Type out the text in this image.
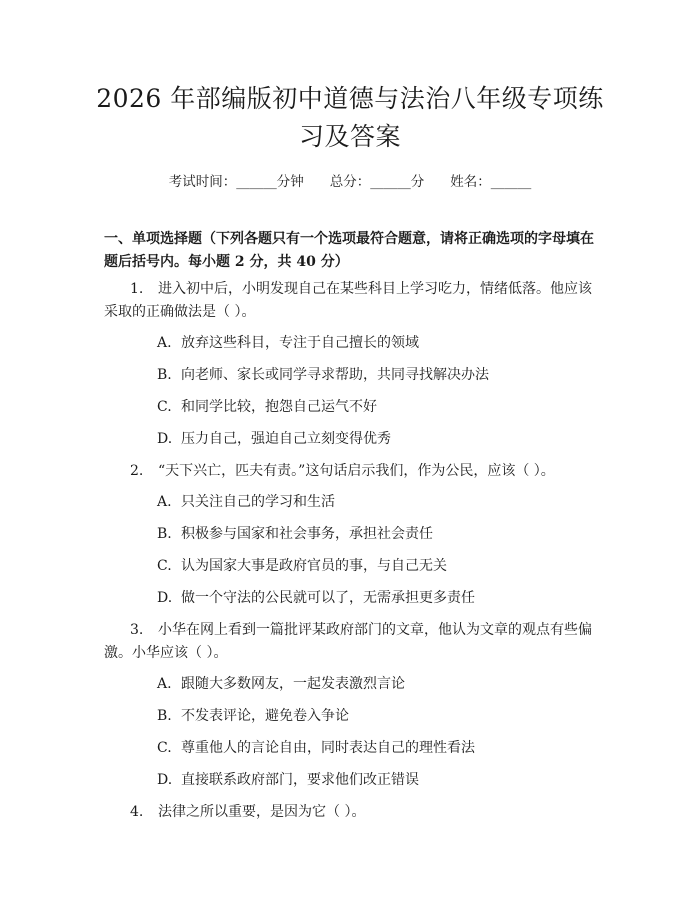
2026 年部编版初中道德与法治八年级专项练习及答案
考试时间：______分钟 总分：______分 姓名：______

一、单项选择题（下列各题只有一个选项最符合题意，请将正确选项的字母填在题后括号内。每小题 2 分，共 40 分）

1. 进入初中后，小明发现自己在某些科目上学习吃力，情绪低落。他应该采取的正确做法是（ ）。

A. 放弃这些科目，专注于自己擅长的领域

B. 向老师、家长或同学寻求帮助，共同寻找解决办法

C. 和同学比较，抱怨自己运气不好

D. 压力自己，强迫自己立刻变得优秀

2. “天下兴亡，匹夫有责。”这句话启示我们，作为公民，应该（ ）。

A. 只关注自己的学习和生活

B. 积极参与国家和社会事务，承担社会责任

C. 认为国家大事是政府官员的事，与自己无关

D. 做一个守法的公民就可以了，无需承担更多责任

3. 小华在网上看到一篇批评某政府部门的文章，他认为文章的观点有些偏激。小华应该（ ）。

A. 跟随大多数网友，一起发表激烈言论

B. 不发表评论，避免卷入争论

C. 尊重他人的言论自由，同时表达自己的理性看法

D. 直接联系政府部门，要求他们改正错误

4. 法律之所以重要，是因为它（ ）。
